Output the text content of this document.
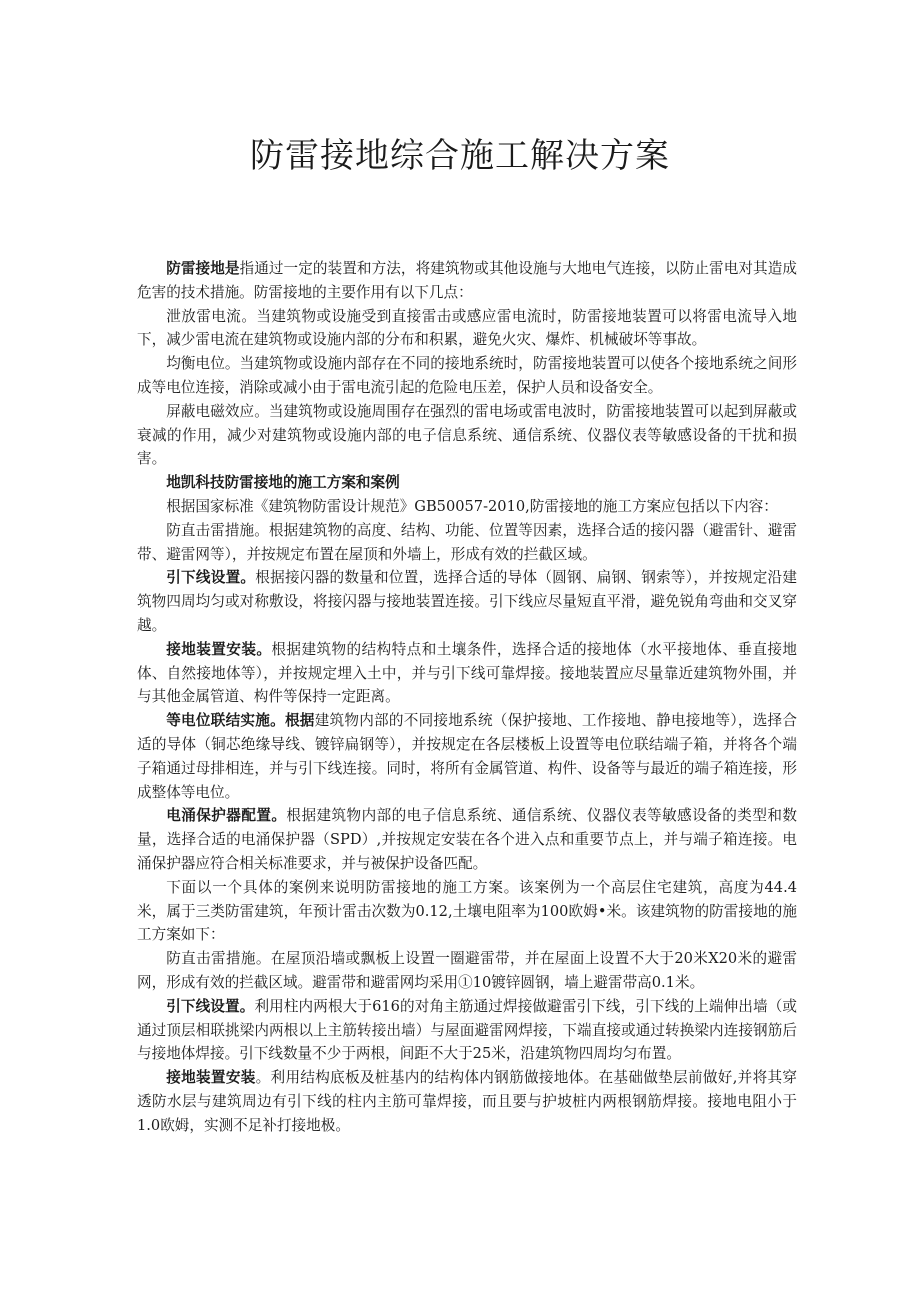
防雷接地综合施工解决方案

防雷接地是指通过一定的装置和方法，将建筑物或其他设施与大地电气连接，以防止雷电对其造成危害的技术措施。防雷接地的主要作用有以下几点：

泄放雷电流。当建筑物或设施受到直接雷击或感应雷电流时，防雷接地装置可以将雷电流导入地下，减少雷电流在建筑物或设施内部的分布和积累，避免火灾、爆炸、机械破坏等事故。

均衡电位。当建筑物或设施内部存在不同的接地系统时，防雷接地装置可以使各个接地系统之间形成等电位连接，消除或减小由于雷电流引起的危险电压差，保护人员和设备安全。

屏蔽电磁效应。当建筑物或设施周围存在强烈的雷电场或雷电波时，防雷接地装置可以起到屏蔽或衰减的作用，减少对建筑物或设施内部的电子信息系统、通信系统、仪器仪表等敏感设备的干扰和损害。

地凯科技防雷接地的施工方案和案例

根据国家标准《建筑物防雷设计规范》GB50057-2010,防雷接地的施工方案应包括以下内容：

防直击雷措施。根据建筑物的高度、结构、功能、位置等因素，选择合适的接闪器（避雷针、避雷带、避雷网等），并按规定布置在屋顶和外墙上，形成有效的拦截区域。

引下线设置。根据接闪器的数量和位置，选择合适的导体（圆钢、扁钢、钢索等），并按规定沿建筑物四周均匀或对称敷设，将接闪器与接地装置连接。引下线应尽量短直平滑，避免锐角弯曲和交叉穿越。

接地装置安装。根据建筑物的结构特点和土壤条件，选择合适的接地体（水平接地体、垂直接地体、自然接地体等），并按规定埋入土中，并与引下线可靠焊接。接地装置应尽量靠近建筑物外围，并与其他金属管道、构件等保持一定距离。

等电位联结实施。根据建筑物内部的不同接地系统（保护接地、工作接地、静电接地等），选择合适的导体（铜芯绝缘导线、镀锌扁钢等），并按规定在各层楼板上设置等电位联结端子箱，并将各个端子箱通过母排相连，并与引下线连接。同时，将所有金属管道、构件、设备等与最近的端子箱连接，形成整体等电位。

电涌保护器配置。根据建筑物内部的电子信息系统、通信系统、仪器仪表等敏感设备的类型和数量，选择合适的电涌保护器（SPD）,并按规定安装在各个进入点和重要节点上，并与端子箱连接。电涌保护器应符合相关标准要求，并与被保护设备匹配。

下面以一个具体的案例来说明防雷接地的施工方案。该案例为一个高层住宅建筑，高度为44.4米，属于三类防雷建筑，年预计雷击次数为0.12,土壤电阻率为100欧姆•米。该建筑物的防雷接地的施工方案如下：

防直击雷措施。在屋顶沿墙或飘板上设置一圈避雷带，并在屋面上设置不大于20米X20米的避雷网，形成有效的拦截区域。避雷带和避雷网均采用①10镀锌圆钢，墙上避雷带高0.1米。

引下线设置。利用柱内两根大于616的对角主筋通过焊接做避雷引下线，引下线的上端伸出墙（或通过顶层相联挑梁内两根以上主筋转接出墙）与屋面避雷网焊接，下端直接或通过转换梁内连接钢筋后与接地体焊接。引下线数量不少于两根，间距不大于25米，沿建筑物四周均匀布置。

接地装置安装。利用结构底板及桩基内的结构体内钢筋做接地体。在基础做垫层前做好,并将其穿透防水层与建筑周边有引下线的柱内主筋可靠焊接，而且要与护坡桩内两根钢筋焊接。接地电阻小于1.0欧姆，实测不足补打接地极。
